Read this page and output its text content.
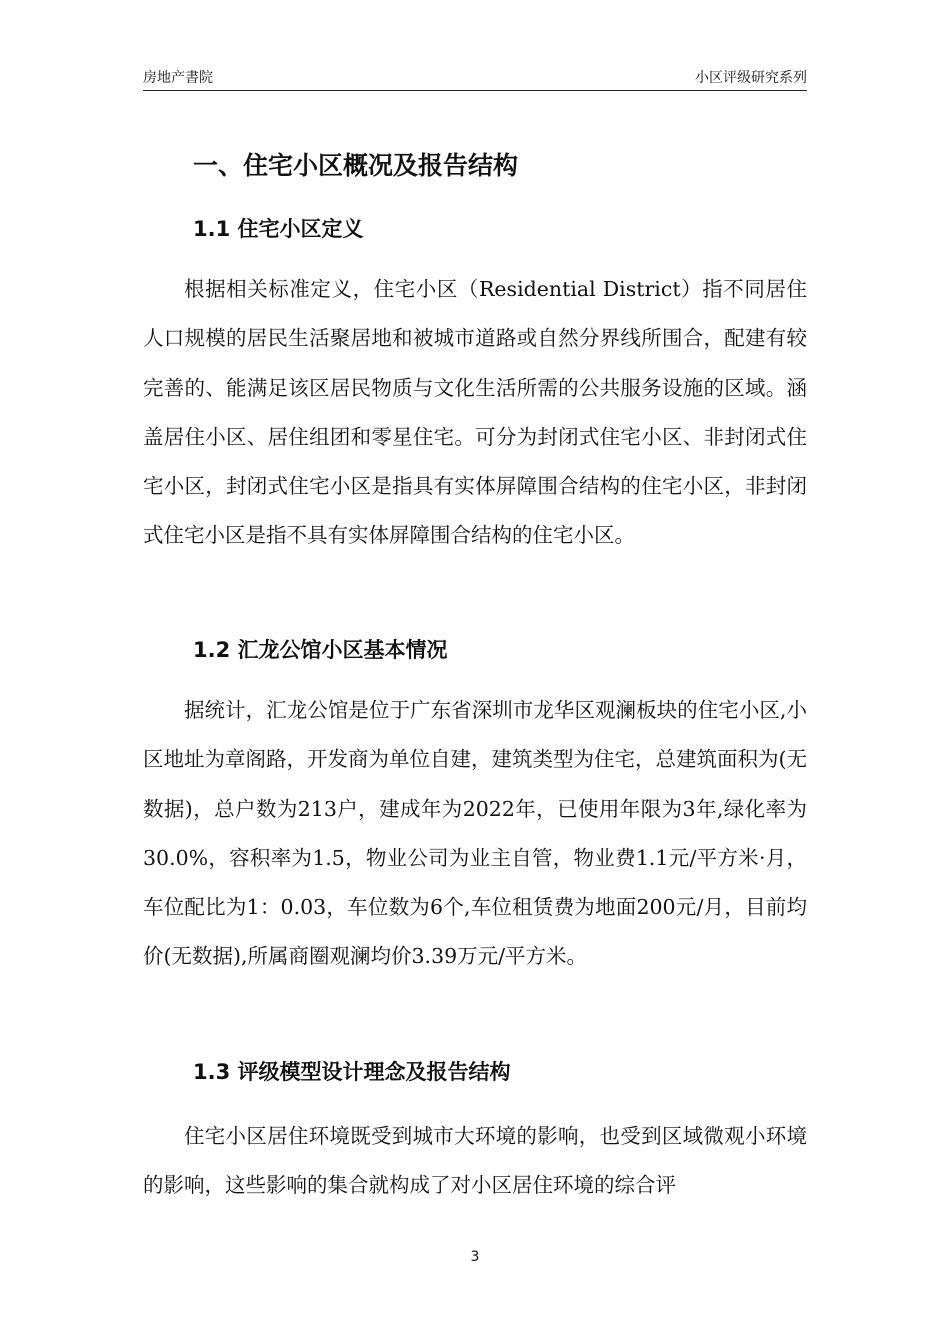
房地产書院	小区评级研究系列
一、住宅小区概况及报告结构
1.1 住宅小区定义
根据相关标准定义，住宅小区（Residential District）指不同居住人口规模的居民生活聚居地和被城市道路或自然分界线所围合，配建有较完善的、能满足该区居民物质与文化生活所需的公共服务设施的区域。涵盖居住小区、居住组团和零星住宅。可分为封闭式住宅小区、非封闭式住宅小区，封闭式住宅小区是指具有实体屏障围合结构的住宅小区，非封闭式住宅小区是指不具有实体屏障围合结构的住宅小区。
1.2 汇龙公馆小区基本情况
据统计，汇龙公馆是位于广东省深圳市龙华区观澜板块的住宅小区,小区地址为章阁路，开发商为单位自建，建筑类型为住宅，总建筑面积为(无数据)，总户数为213户，建成年为2022年，已使用年限为3年,绿化率为30.0%，容积率为1.5，物业公司为业主自管，物业费1.1元/平方米·月，车位配比为1：0.03，车位数为6个,车位租赁费为地面200元/月，目前均价(无数据),所属商圈观澜均价3.39万元/平方米。
1.3 评级模型设计理念及报告结构
住宅小区居住环境既受到城市大环境的影响，也受到区域微观小环境的影响，这些影响的集合就构成了对小区居住环境的综合评
3
